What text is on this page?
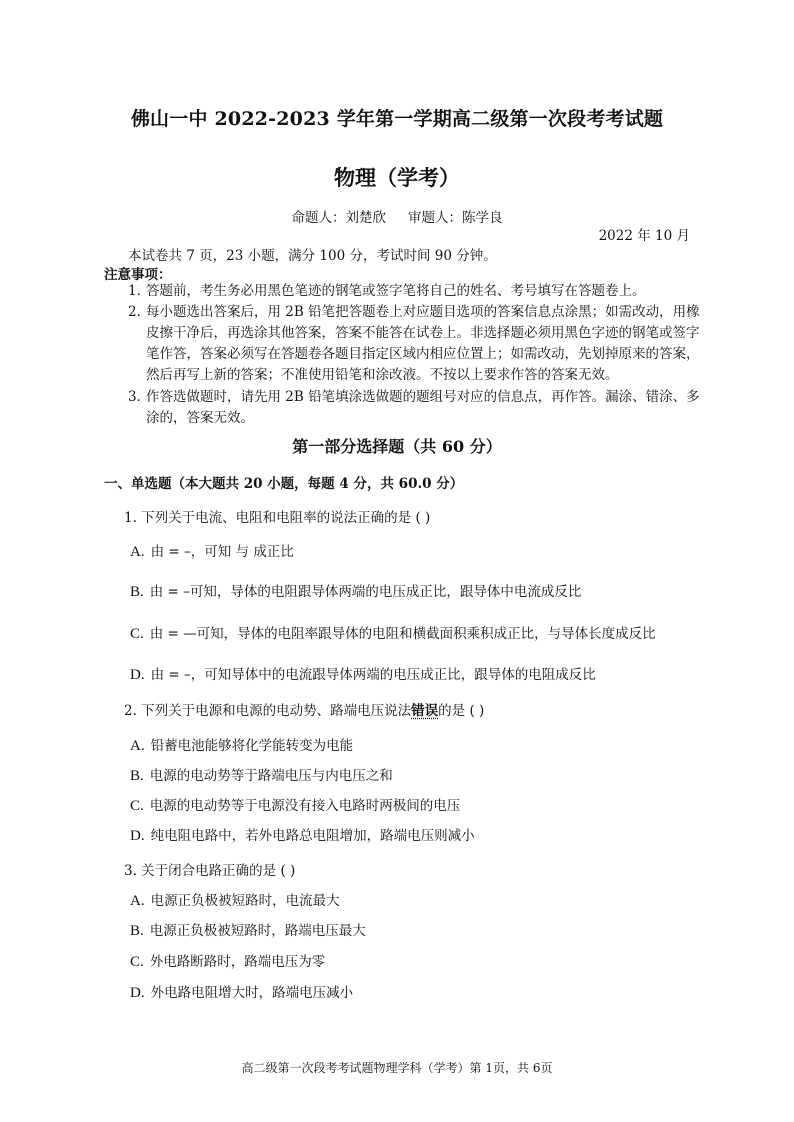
佛山一中 2022-2023 学年第一学期高二级第一次段考考试题
物理（学考）
命题人：刘楚欣 审题人：陈学良
2022 年 10 月
本试卷共 7 页，23 小题，满分 100 分，考试时间 90 分钟。
注意事项：
1．
答题前，考生务必用黑色笔迹的钢笔或签字笔将自己的姓名、考号填写在答题卷上。
2．
每小题选出答案后，用 2B 铅笔把答题卷上对应题目选项的答案信息点涂黑；如需改动，用橡皮擦干净后，再选涂其他答案，答案不能答在试卷上。非选择题必须用黑色字迹的钢笔或签字笔作答，答案必须写在答题卷各题目指定区域内相应位置上；如需改动，先划掉原来的答案，然后再写上新的答案；不准使用铅笔和涂改液。不按以上要求作答的答案无效。
3．
作答选做题时，请先用 2B 铅笔填涂选做题的题组号对应的信息点，再作答。漏涂、错涂、多涂的，答案无效。
第一部分选择题（共 60 分）
一、单选题（本大题共 20 小题，每题 4 分，共 60.0 分）
1. 下列关于电流、电阻和电阻率的说法正确的是 ( )
A. 由 = –，可知 与 成正比
B. 由 = –可知，导体的电阻跟导体两端的电压成正比，跟导体中电流成反比
C. 由 = —可知，导体的电阻率跟导体的电阻和横截面积乘积成正比，与导体长度成反比
D. 由 = –，可知导体中的电流跟导体两端的电压成正比，跟导体的电阻成反比
2. 下列关于电源和电源的电动势、路端电压说法错误的是 ( )
A. 铅蓄电池能够将化学能转变为电能
B. 电源的电动势等于路端电压与内电压之和
C. 电源的电动势等于电源没有接入电路时两极间的电压
D. 纯电阻电路中，若外电路总电阻增加，路端电压则减小
3. 关于闭合电路正确的是 ( )
A. 电源正负极被短路时，电流最大
B. 电源正负极被短路时，路端电压最大
C. 外电路断路时，路端电压为零
D. 外电路电阻增大时，路端电压减小
高二级第一次段考考试题物理学科（学考）第 1页，共 6页
